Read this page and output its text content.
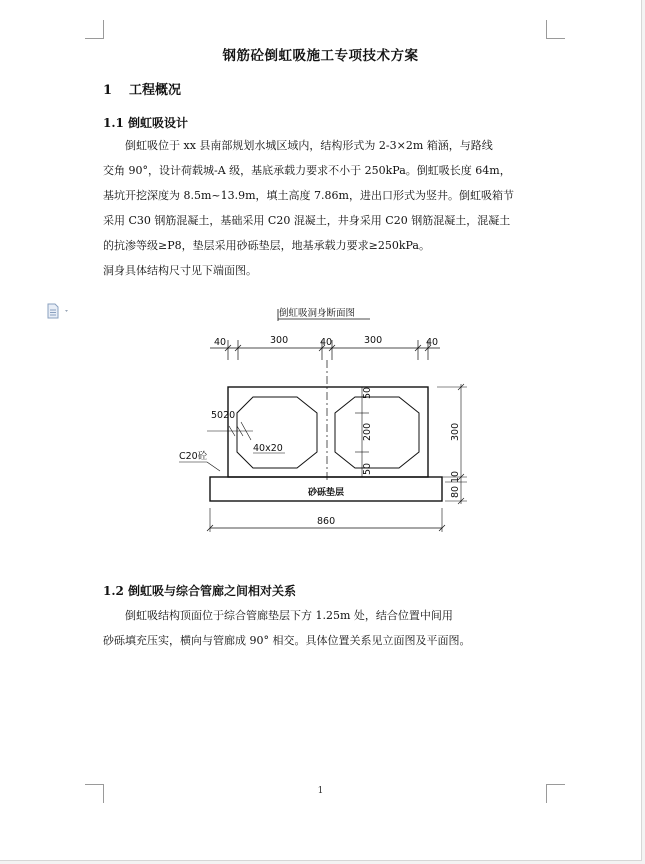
钢筋砼倒虹吸施工专项技术方案
1 工程概况
1.1 倒虹吸设计
倒虹吸位于 xx 县南部规划水城区域内，结构形式为 2-3×2m 箱涵，与路线
交角 90°，设计荷载城-A 级，基底承载力要求不小于 250kPa。倒虹吸长度 64m，
基坑开挖深度为 8.5m~13.9m，填土高度 7.86m，进出口形式为竖井。倒虹吸箱节
采用 C30 钢筋混凝土，基础采用 C20 混凝土，井身采用 C20 钢筋混凝土，混凝土
的抗渗等级≥P8，垫层采用砂砾垫层，地基承载力要求≥250kPa。
洞身具体结构尺寸见下端面图。
倒虹吸洞身断面图
40	300	40	300	40
50
200
50
5020
40x20
C20砼
砂砾垫层
300
10
80
860
1.2 倒虹吸与综合管廊之间相对关系
倒虹吸结构顶面位于综合管廊垫层下方 1.25m 处，结合位置中间用
砂砾填充压实，横向与管廊成 90° 相交。具体位置关系见立面图及平面图。
1
